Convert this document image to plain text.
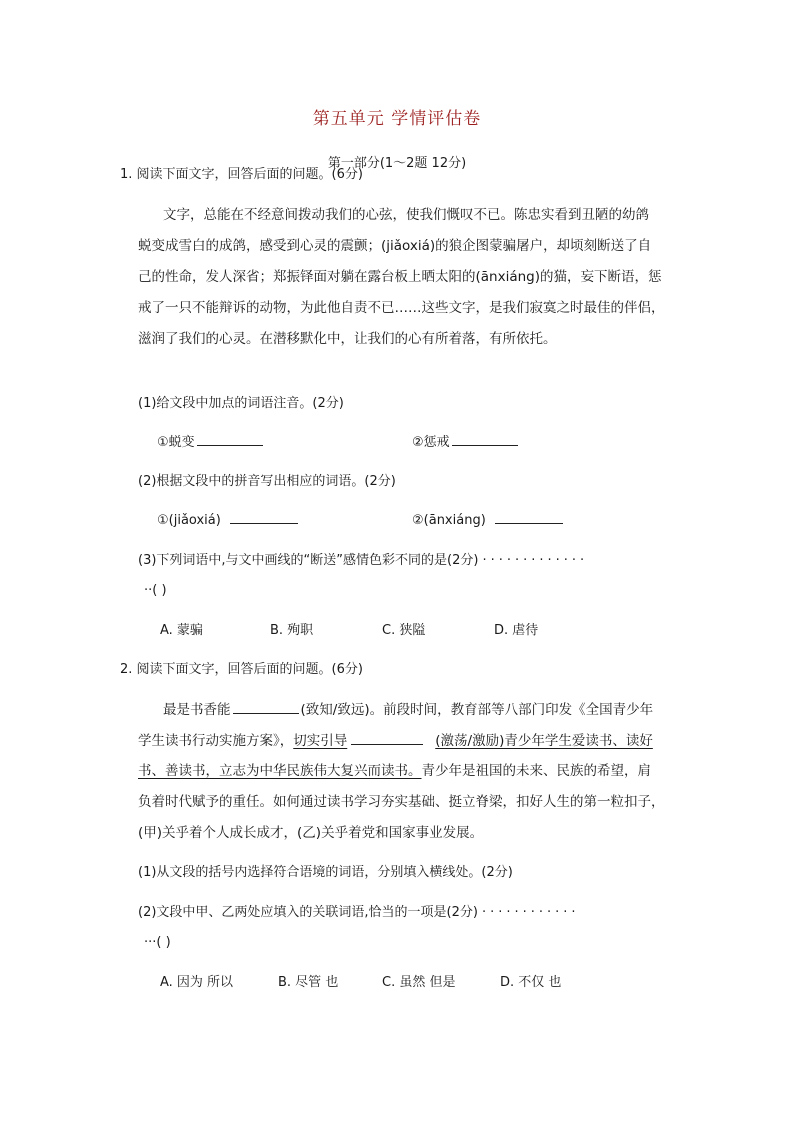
第五单元 学情评估卷
第一部分(1～2题 12分)
1. 阅读下面文字，回答后面的问题。(6分)
文字，总能在不经意间拨动我们的心弦，使我们慨叹不已。陈忠实看到丑陋的幼鸽
蜕变成雪白的成鸽，感受到心灵的震颤；(jiǎoxiá)的狼企图蒙骗屠户，却顷刻断送了自
己的性命，发人深省；郑振铎面对躺在露台板上晒太阳的(ānxiáng)的猫，妄下断语，惩
戒了一只不能辩诉的动物，为此他自责不已……这些文字，是我们寂寞之时最佳的伴侣，
滋润了我们的心灵。在潜移默化中，让我们的心有所着落，有所依托。
(1)给文段中加点的词语注音。(2分)
①蜕变	②惩戒
(2)根据文段中的拼音写出相应的词语。(2分)
①(jiǎoxiá)	②(ānxiáng)
(3)下列词语中,与文中画线的“断送”感情色彩不同的是(2分) ·············
··( )
A. 蒙骗	B. 殉职	C. 狭隘	D. 虐待
2. 阅读下面文字，回答后面的问题。(6分)
最是书香能	(致知/致远)。前段时间，教育部等八部门印发《全国青少年
学生读书行动实施方案》，切实引导	(激荡/激励)青少年学生爱读书、读好
书、善读书，立志为中华民族伟大复兴而读书。青少年是祖国的未来、民族的希望，肩
负着时代赋予的重任。如何通过读书学习夯实基础、挺立脊梁，扣好人生的第一粒扣子，
(甲)关乎着个人成长成才，(乙)关乎着党和国家事业发展。
(1)从文段的括号内选择符合语境的词语，分别填入横线处。(2分)
(2)文段中甲、乙两处应填入的关联词语,恰当的一项是(2分) ············
···( )
A. 因为 所以	B. 尽管 也	C. 虽然 但是	D. 不仅 也
